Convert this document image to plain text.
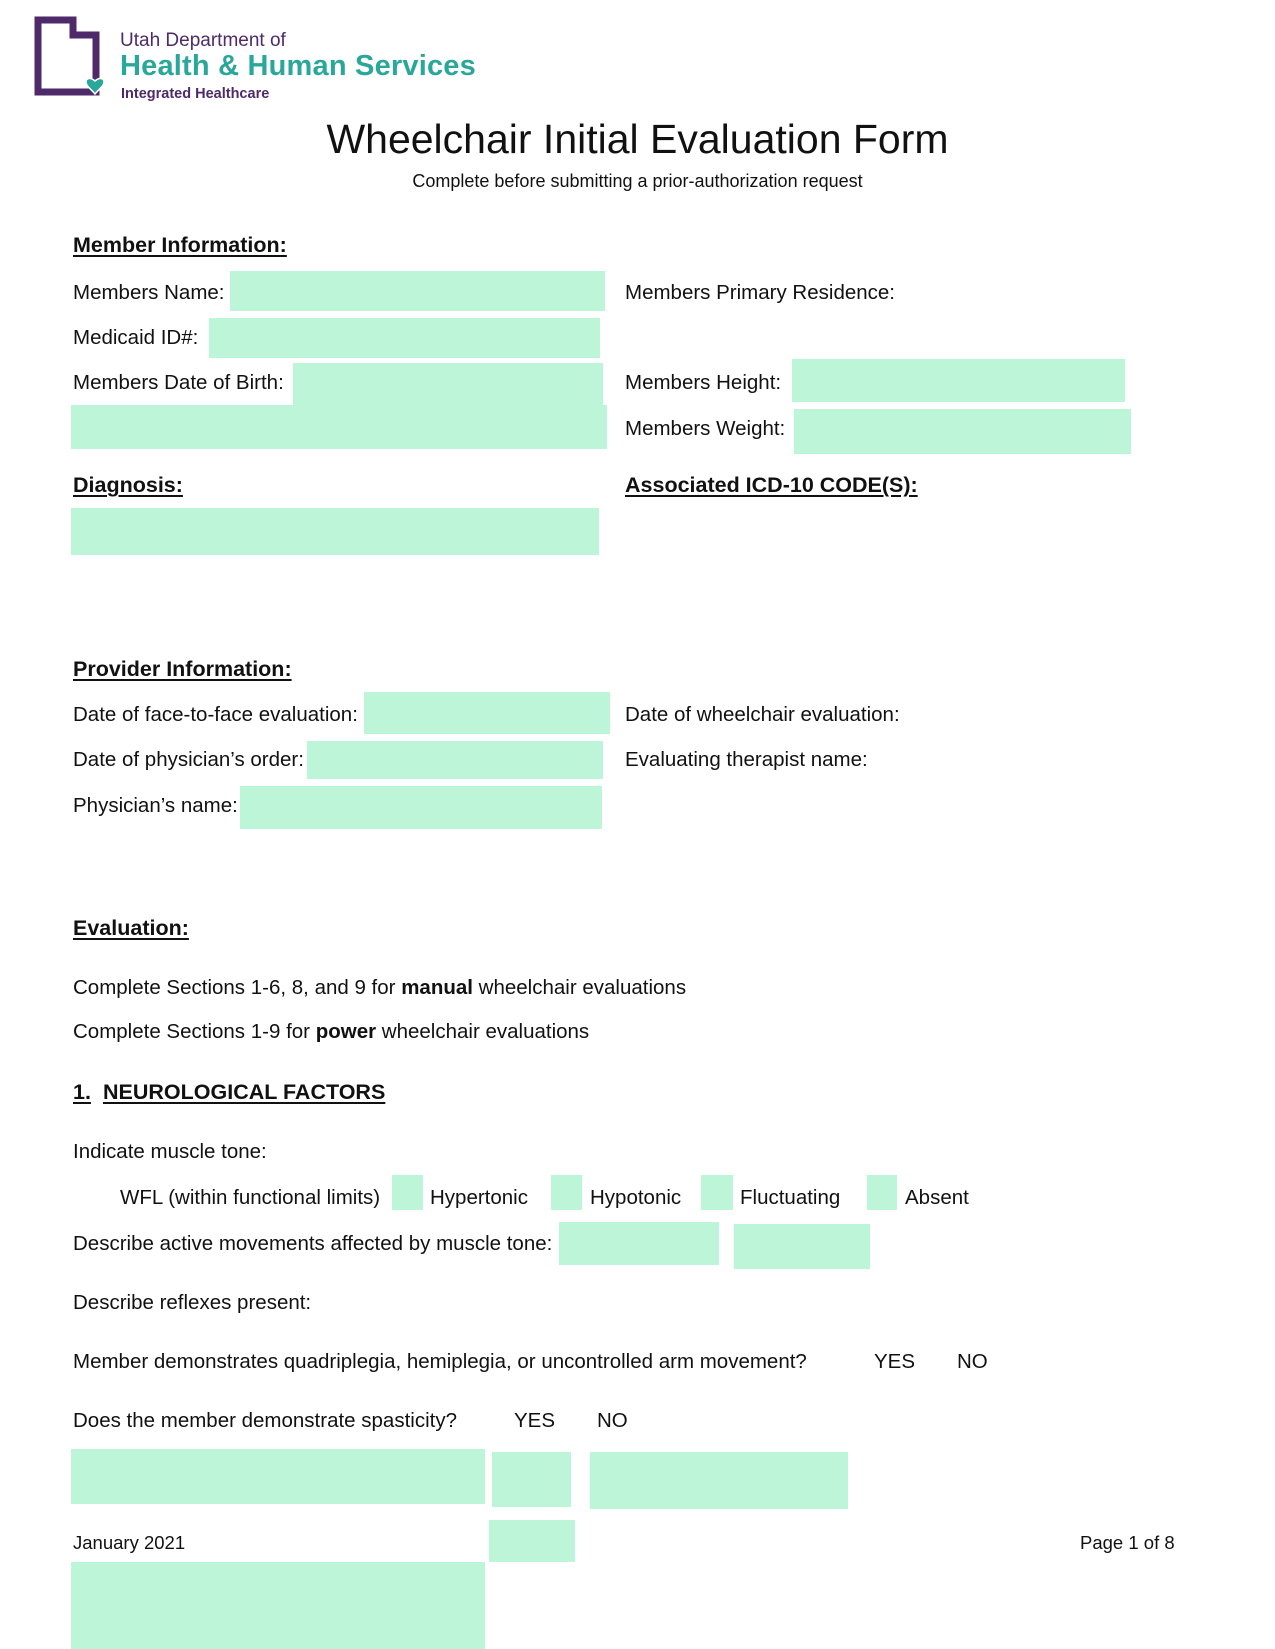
Utah Department of
Health & Human Services
Integrated Healthcare
Wheelchair Initial Evaluation Form
Complete before submitting a prior-authorization request
Member Information:
Members Name:	Members Primary Residence:
Medicaid ID#:
Members Date of Birth:	Members Height:
Members Weight:
Diagnosis:	Associated ICD-10 CODE(S):
Provider Information:
Date of face-to-face evaluation:	Date of wheelchair evaluation:
Date of physician’s order:	Evaluating therapist name:
Physician’s name:
Evaluation:
Complete Sections 1-6, 8, and 9 for manual wheelchair evaluations
Complete Sections 1-9 for power wheelchair evaluations
1. NEUROLOGICAL FACTORS
Indicate muscle tone:
WFL (within functional limits) Hypertonic	Hypotonic	Fluctuating	Absent
Describe active movements affected by muscle tone:
Describe reflexes present:
Member demonstrates quadriplegia, hemiplegia, or uncontrolled arm movement?	YES NO
Does the member demonstrate spasticity?	YES NO
January 2021	Page 1 of 8
